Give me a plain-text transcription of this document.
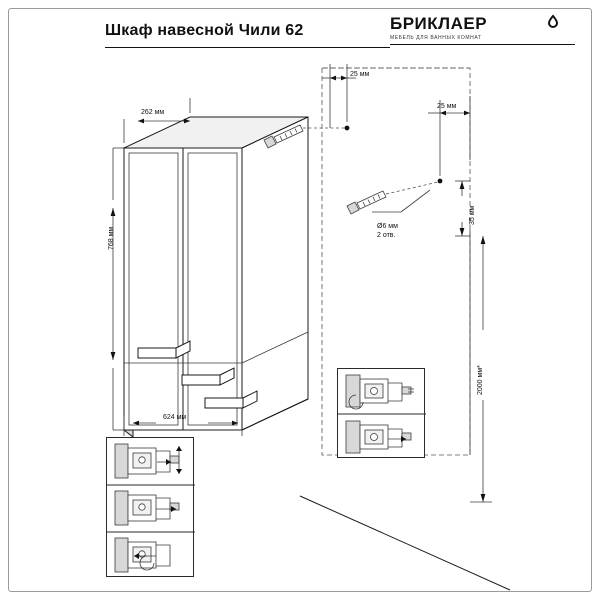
Шкаф навесной Чили 62	БРИКЛАЕР
МЕБЕЛЬ ДЛЯ ВАННЫХ КОМНАТ
262 мм
768 мм
624 мм
25 мм
25 мм
35 мм
2000 мм*
Ø6 мм
2 отв.
